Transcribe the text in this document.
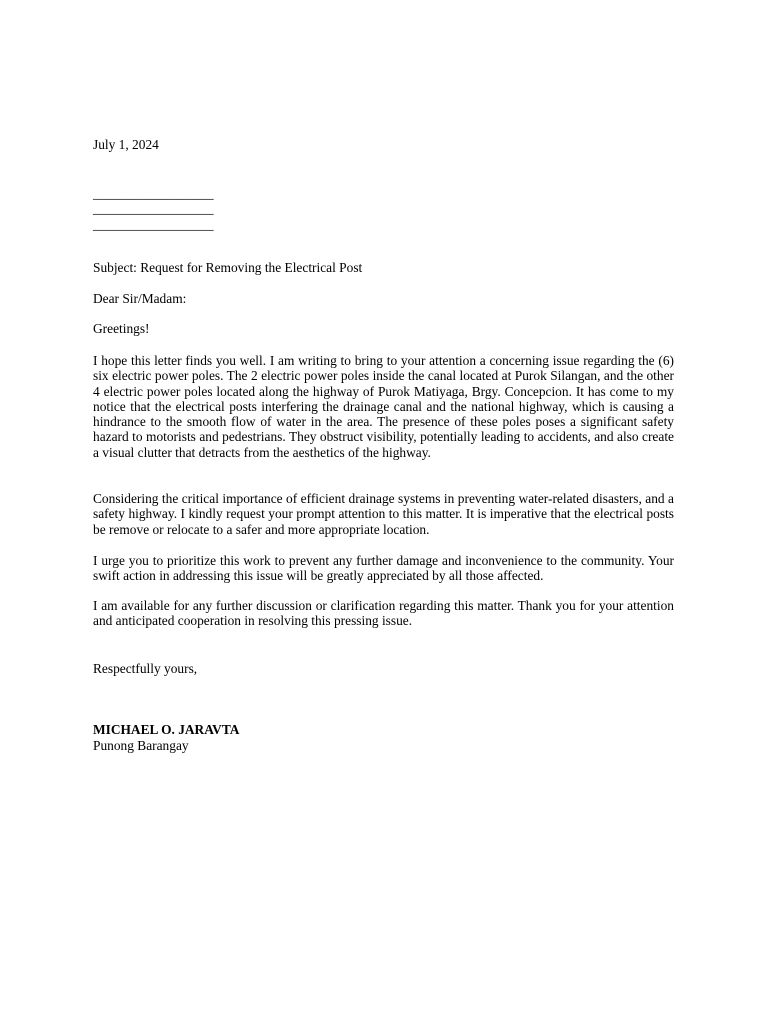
July 1, 2024
__________________
__________________
__________________
Subject: Request for Removing the Electrical Post
Dear Sir/Madam:
Greetings!

I hope this letter finds you well. I am writing to bring to your attention a concerning issue regarding the (6) six electric power poles. The 2 electric power poles inside the canal located at Purok Silangan, and the other 4 electric power poles located along the highway of Purok Matiyaga, Brgy. Concepcion. It has come to my notice that the electrical posts interfering the drainage canal and the national highway, which is causing a hindrance to the smooth flow of water in the area. The presence of these poles poses a significant safety hazard to motorists and pedestrians. They obstruct visibility, potentially leading to accidents, and also create a visual clutter that detracts from the aesthetics of the highway.

Considering the critical importance of efficient drainage systems in preventing water-related disasters, and a safety highway. I kindly request your prompt attention to this matter. It is imperative that the electrical posts be remove or relocate to a safer and more appropriate location.

I urge you to prioritize this work to prevent any further damage and inconvenience to the community. Your swift action in addressing this issue will be greatly appreciated by all those affected.

I am available for any further discussion or clarification regarding this matter. Thank you for your attention and anticipated cooperation in resolving this pressing issue.

Respectfully yours,
MICHAEL O. JARAVTA
Punong Barangay
